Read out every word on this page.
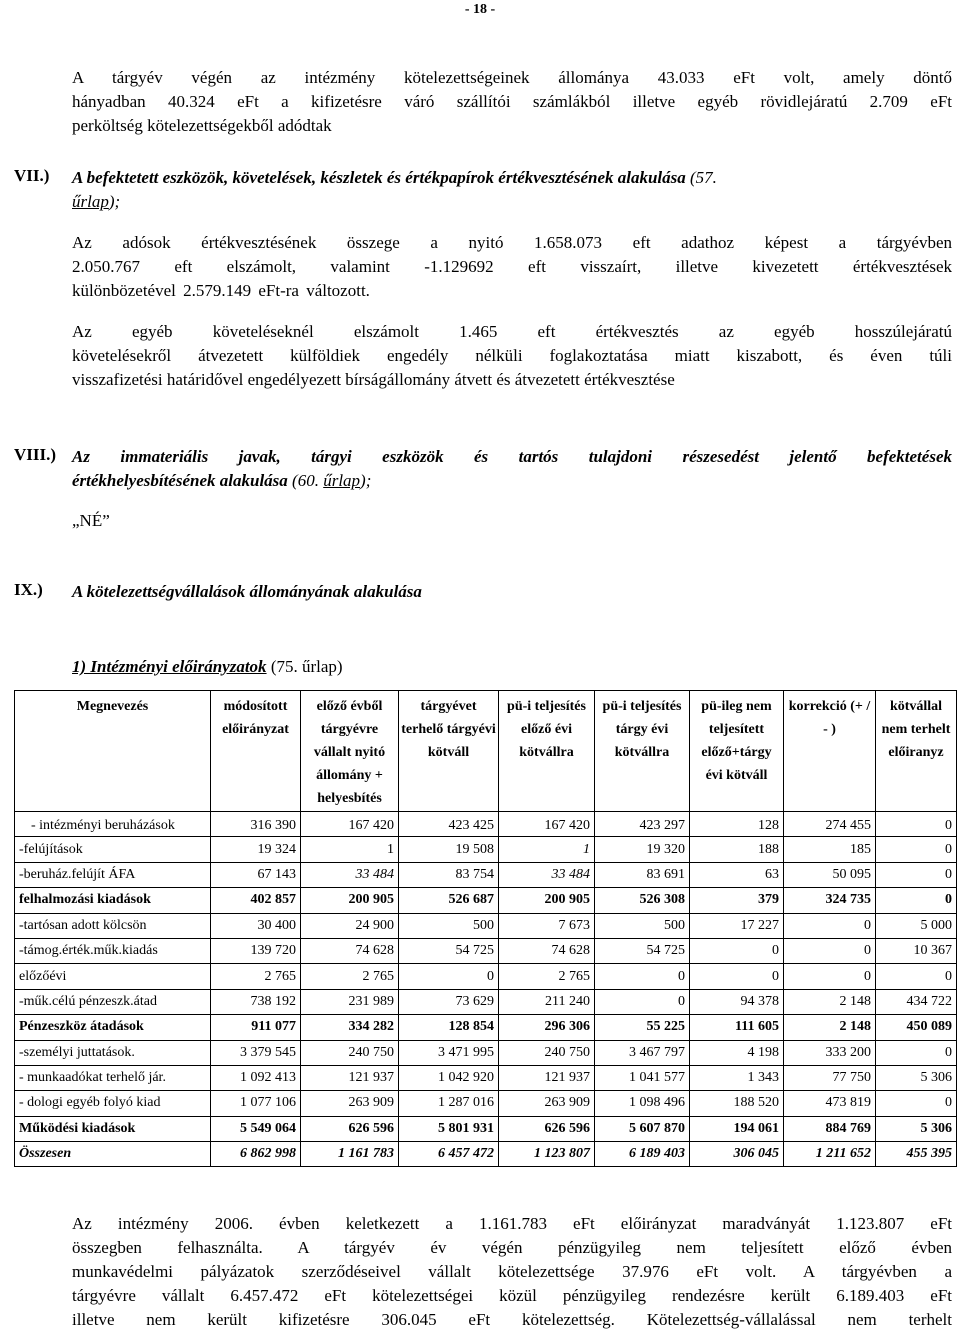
- 18 -
A tárgyév végén az intézmény kötelezettségeinek állománya 43.033 eFt volt, amely döntő
hányadban 40.324 eFt a kifizetésre váró szállítói számlákból illetve egyéb rövidlejáratú 2.709 eFt
perköltség kötelezettségekből adódtak
VII.) A befektetett eszközök, követelések, készletek és értékpapírok értékvesztésének alakulása (57.
űrlap);
Az adósok értékvesztésének összege a nyitó 1.658.073 eft adathoz képest a tárgyévben
2.050.767 eft elszámolt, valamint -1.129692 eft visszaírt, illetve kivezetett értékvesztések
különbözetével 2.579.149 eFt-ra változott.
Az egyéb követeléseknél elszámolt 1.465 eft értékvesztés az egyéb hosszúlejáratú
követelésekről átvezetett külföldiek engedély nélküli foglakoztatása miatt kiszabott, és éven túli
visszafizetési határidővel engedélyezett bírságállomány átvett és átvezetett értékvesztése
VIII.) Az immateriális javak, tárgyi eszközök és tartós tulajdoni részesedést jelentő befektetések
értékhelyesbítésének alakulása (60. űrlap);
„NÉ”
IX.) A kötelezettségvállalások állományának alakulása
1) Intézményi előirányzatok (75. űrlap)
Megnevezés	módosított előirányzat	előző évből tárgyévre vállalt nyitó állomány + helyesbítés	tárgyévet terhelő tárgyévi kötváll	pü-i teljesítés előző évi kötvállra	pü-i teljesítés tárgy évi kötvállra	pü-ileg nem teljesített előző+tárgy évi kötváll	korrekció (+ / - )	kötvállal nem terhelt előiranyz
- intézményi beruházások	316 390	167 420	423 425	167 420	423 297	128	274 455	0
-felújítások	19 324	1	19 508	1	19 320	188	185	0
-beruház.felújít ÁFA	67 143	33 484	83 754	33 484	83 691	63	50 095	0
felhalmozási kiadások	402 857	200 905	526 687	200 905	526 308	379	324 735	0
-tartósan adott kölcsön	30 400	24 900	500	7 673	500	17 227	0	5 000
-támog.érték.műk.kiadás	139 720	74 628	54 725	74 628	54 725	0	0	10 367
előzőévi	2 765	2 765	0	2 765	0	0	0	0
-műk.célú pénzeszk.átad	738 192	231 989	73 629	211 240	0	94 378	2 148	434 722
Pénzeszköz átadások	911 077	334 282	128 854	296 306	55 225	111 605	2 148	450 089
-személyi juttatások.	3 379 545	240 750	3 471 995	240 750	3 467 797	4 198	333 200	0
- munkaadókat terhelő jár.	1 092 413	121 937	1 042 920	121 937	1 041 577	1 343	77 750	5 306
- dologi egyéb folyó kiad	1 077 106	263 909	1 287 016	263 909	1 098 496	188 520	473 819	0
Működési kiadások	5 549 064	626 596	5 801 931	626 596	5 607 870	194 061	884 769	5 306
Összesen	6 862 998	1 161 783	6 457 472	1 123 807	6 189 403	306 045	1 211 652	455 395
Az intézmény 2006. évben keletkezett a 1.161.783 eFt előirányzat maradványát 1.123.807 eFt
összegben felhasználta. A tárgyév év végén pénzügyileg nem teljesített előző évben
munkavédelmi pályázatok szerződéseivel vállalt kötelezettsége 37.976 eFt volt. A tárgyévben a
tárgyévre vállalt 6.457.472 eFt kötelezettségei közül pénzügyileg rendezésre került 6.189.403 eFt
illetve nem került kifizetésre 306.045 eFt kötelezettség. Kötelezettség-vállalással nem terhelt
